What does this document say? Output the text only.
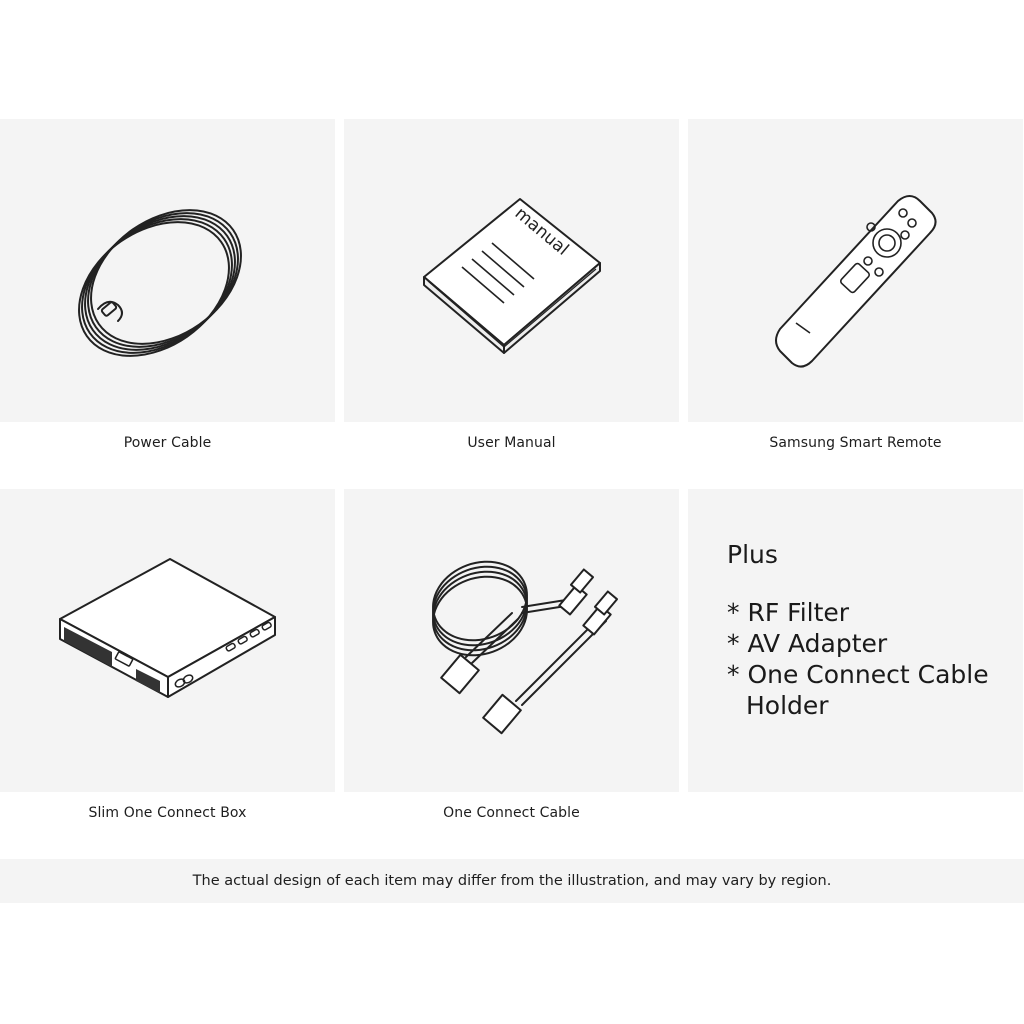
Power Cable
manual
User Manual	Samsung Smart Remote
Slim One Connect Box	One Connect Cable
Plus
* RF Filter
* AV Adapter
* One Connect Cable Holder
The actual design of each item may differ from the illustration, and may vary by region.
